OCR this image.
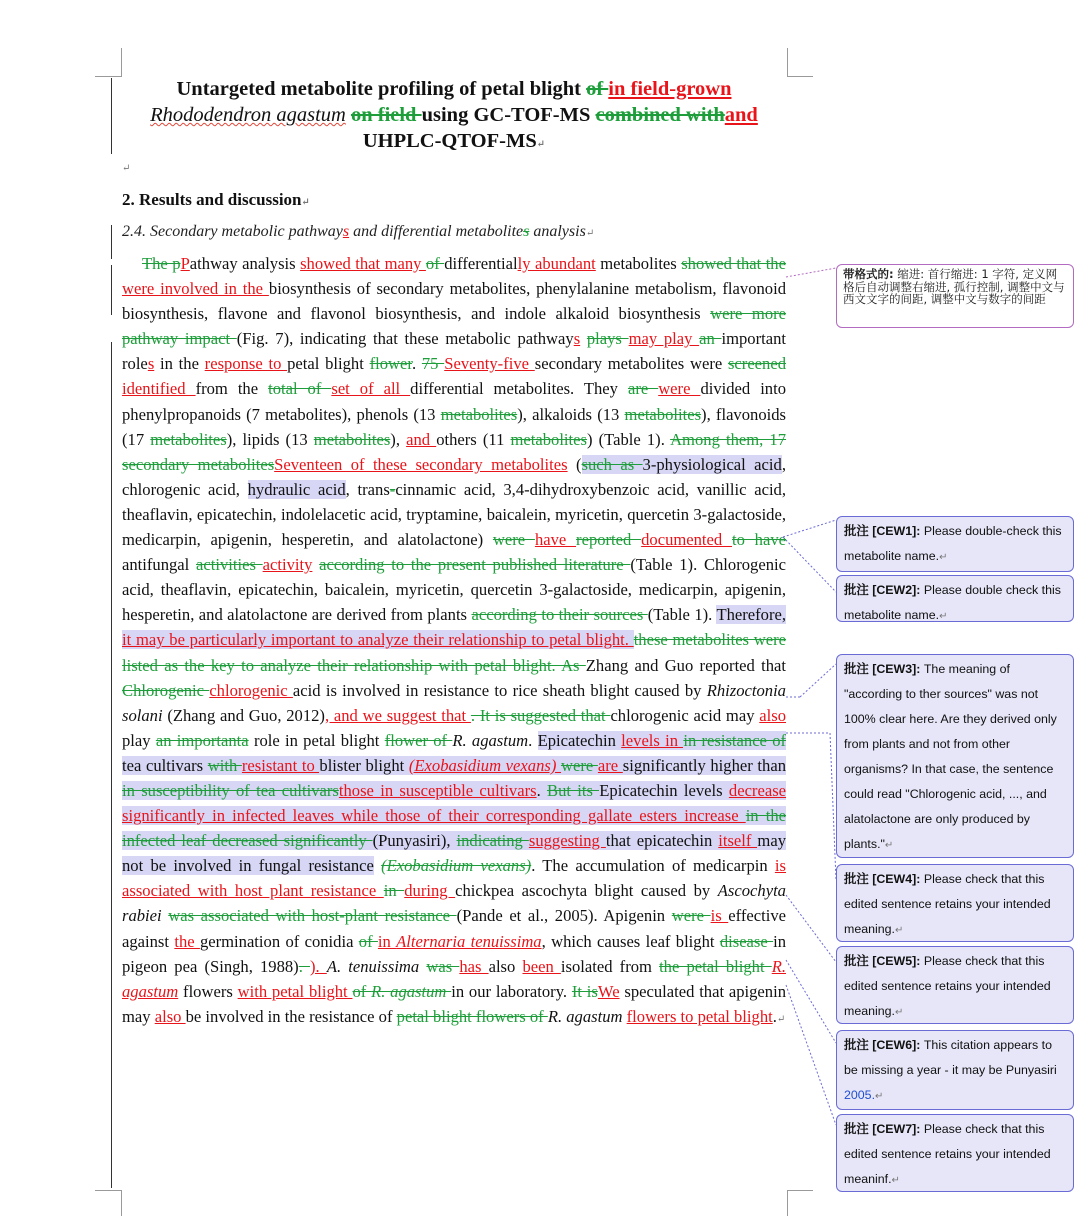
Untargeted metabolite profiling of petal blight of in field-grown
Rhododendron agastum on field using GC-TOF-MS combined withand UHPLC-QTOF-MS↵
↵
2. Results and discussion↵
2.4. Secondary metabolic pathways and differential metabolites analysis↵
The pPathway analysis showed that many of differentially abundant metabolites showed that the were involved in the biosynthesis of secondary metabolites, phenylalanine metabolism, flavonoid biosynthesis, flavone and flavonol biosynthesis, and indole alkaloid biosynthesis were more pathway impact (Fig. 7), indicating that these metabolic pathways plays may play an important roles in the response to petal blight flower. 75 Seventy-five secondary metabolites were screened identified from the total of set of all differential metabolites. They are were divided into phenylpropanoids (7 metabolites), phenols (13 metabolites), alkaloids (13 metabolites), flavonoids (17 metabolites), lipids (13 metabolites), and others (11 metabolites) (Table 1). Among them, 17 secondary metabolitesSeventeen of these secondary metabolites (such as 3-physiological acid, chlorogenic acid, hydraulic acid, trans-cinnamic acid, 3,4-dihydroxybenzoic acid, vanillic acid, theaflavin, epicatechin, indolelacetic acid, tryptamine, baicalein, myricetin, quercetin 3-galactoside, medicarpin, apigenin, hesperetin, and alatolactone) were have reported documented to have antifungal activities activity according to the present published literature (Table 1). Chlorogenic acid, theaflavin, epicatechin, baicalein, myricetin, quercetin 3-galactoside, medicarpin, apigenin, hesperetin, and alatolactone are derived from plants according to their sources (Table 1). Therefore, it may be particularly important to analyze their relationship to petal blight. these metabolites were listed as the key to analyze their relationship with petal blight. As Zhang and Guo reported that Chlorogenic chlorogenic acid is involved in resistance to rice sheath blight caused by Rhizoctonia solani (Zhang and Guo, 2012), and we suggest that . It is suggested that chlorogenic acid may also play an importanta role in petal blight flower of R. agastum. Epicatechin levels in in resistance of tea cultivars with resistant to blister blight (Exobasidium vexans) were are significantly higher than in susceptibility of tea cultivarsthose in susceptible cultivars. But its Epicatechin levels decrease significantly in infected leaves while those of their corresponding gallate esters increase in the infected leaf decreased significantly (Punyasiri), indicating suggesting that epicatechin itself may not be involved in fungal resistance (Exobasidium vexans). The accumulation of medicarpin is associated with host plant resistance in during chickpea ascochyta blight caused by Ascochyta rabiei was associated with host-plant resistance (Pande et al., 2005). Apigenin were is effective against the germination of conidia of in Alternaria tenuissima, which causes leaf blight disease in pigeon pea (Singh, 1988). ). A. tenuissima was has also been isolated from the petal blight R. agastum flowers with petal blight of R. agastum in our laboratory. It isWe speculated that apigenin may also be involved in the resistance of petal blight flowers of R. agastum flowers to petal blight.↵
带格式的: 缩进: 首行缩进: 1 字符, 定义网格后自动调整右缩进, 孤行控制, 调整中文与西文文字的间距, 调整中文与数字的间距
批注 [CEW1]: Please double-check this metabolite name.↵
批注 [CEW2]: Please double check this metabolite name.↵
批注 [CEW3]: The meaning of "according to ther sources" was not 100% clear here. Are they derived only from plants and not from other organisms? In that case, the sentence could read "Chlorogenic acid, ..., and alatolactone are only produced by plants."↵
批注 [CEW4]: Please check that this edited sentence retains your intended meaning.↵
批注 [CEW5]: Please check that this edited sentence retains your intended meaning.↵
批注 [CEW6]: This citation appears to be missing a year - it may be Punyasiri 2005.↵
批注 [CEW7]: Please check that this edited sentence retains your intended meaninf.↵
